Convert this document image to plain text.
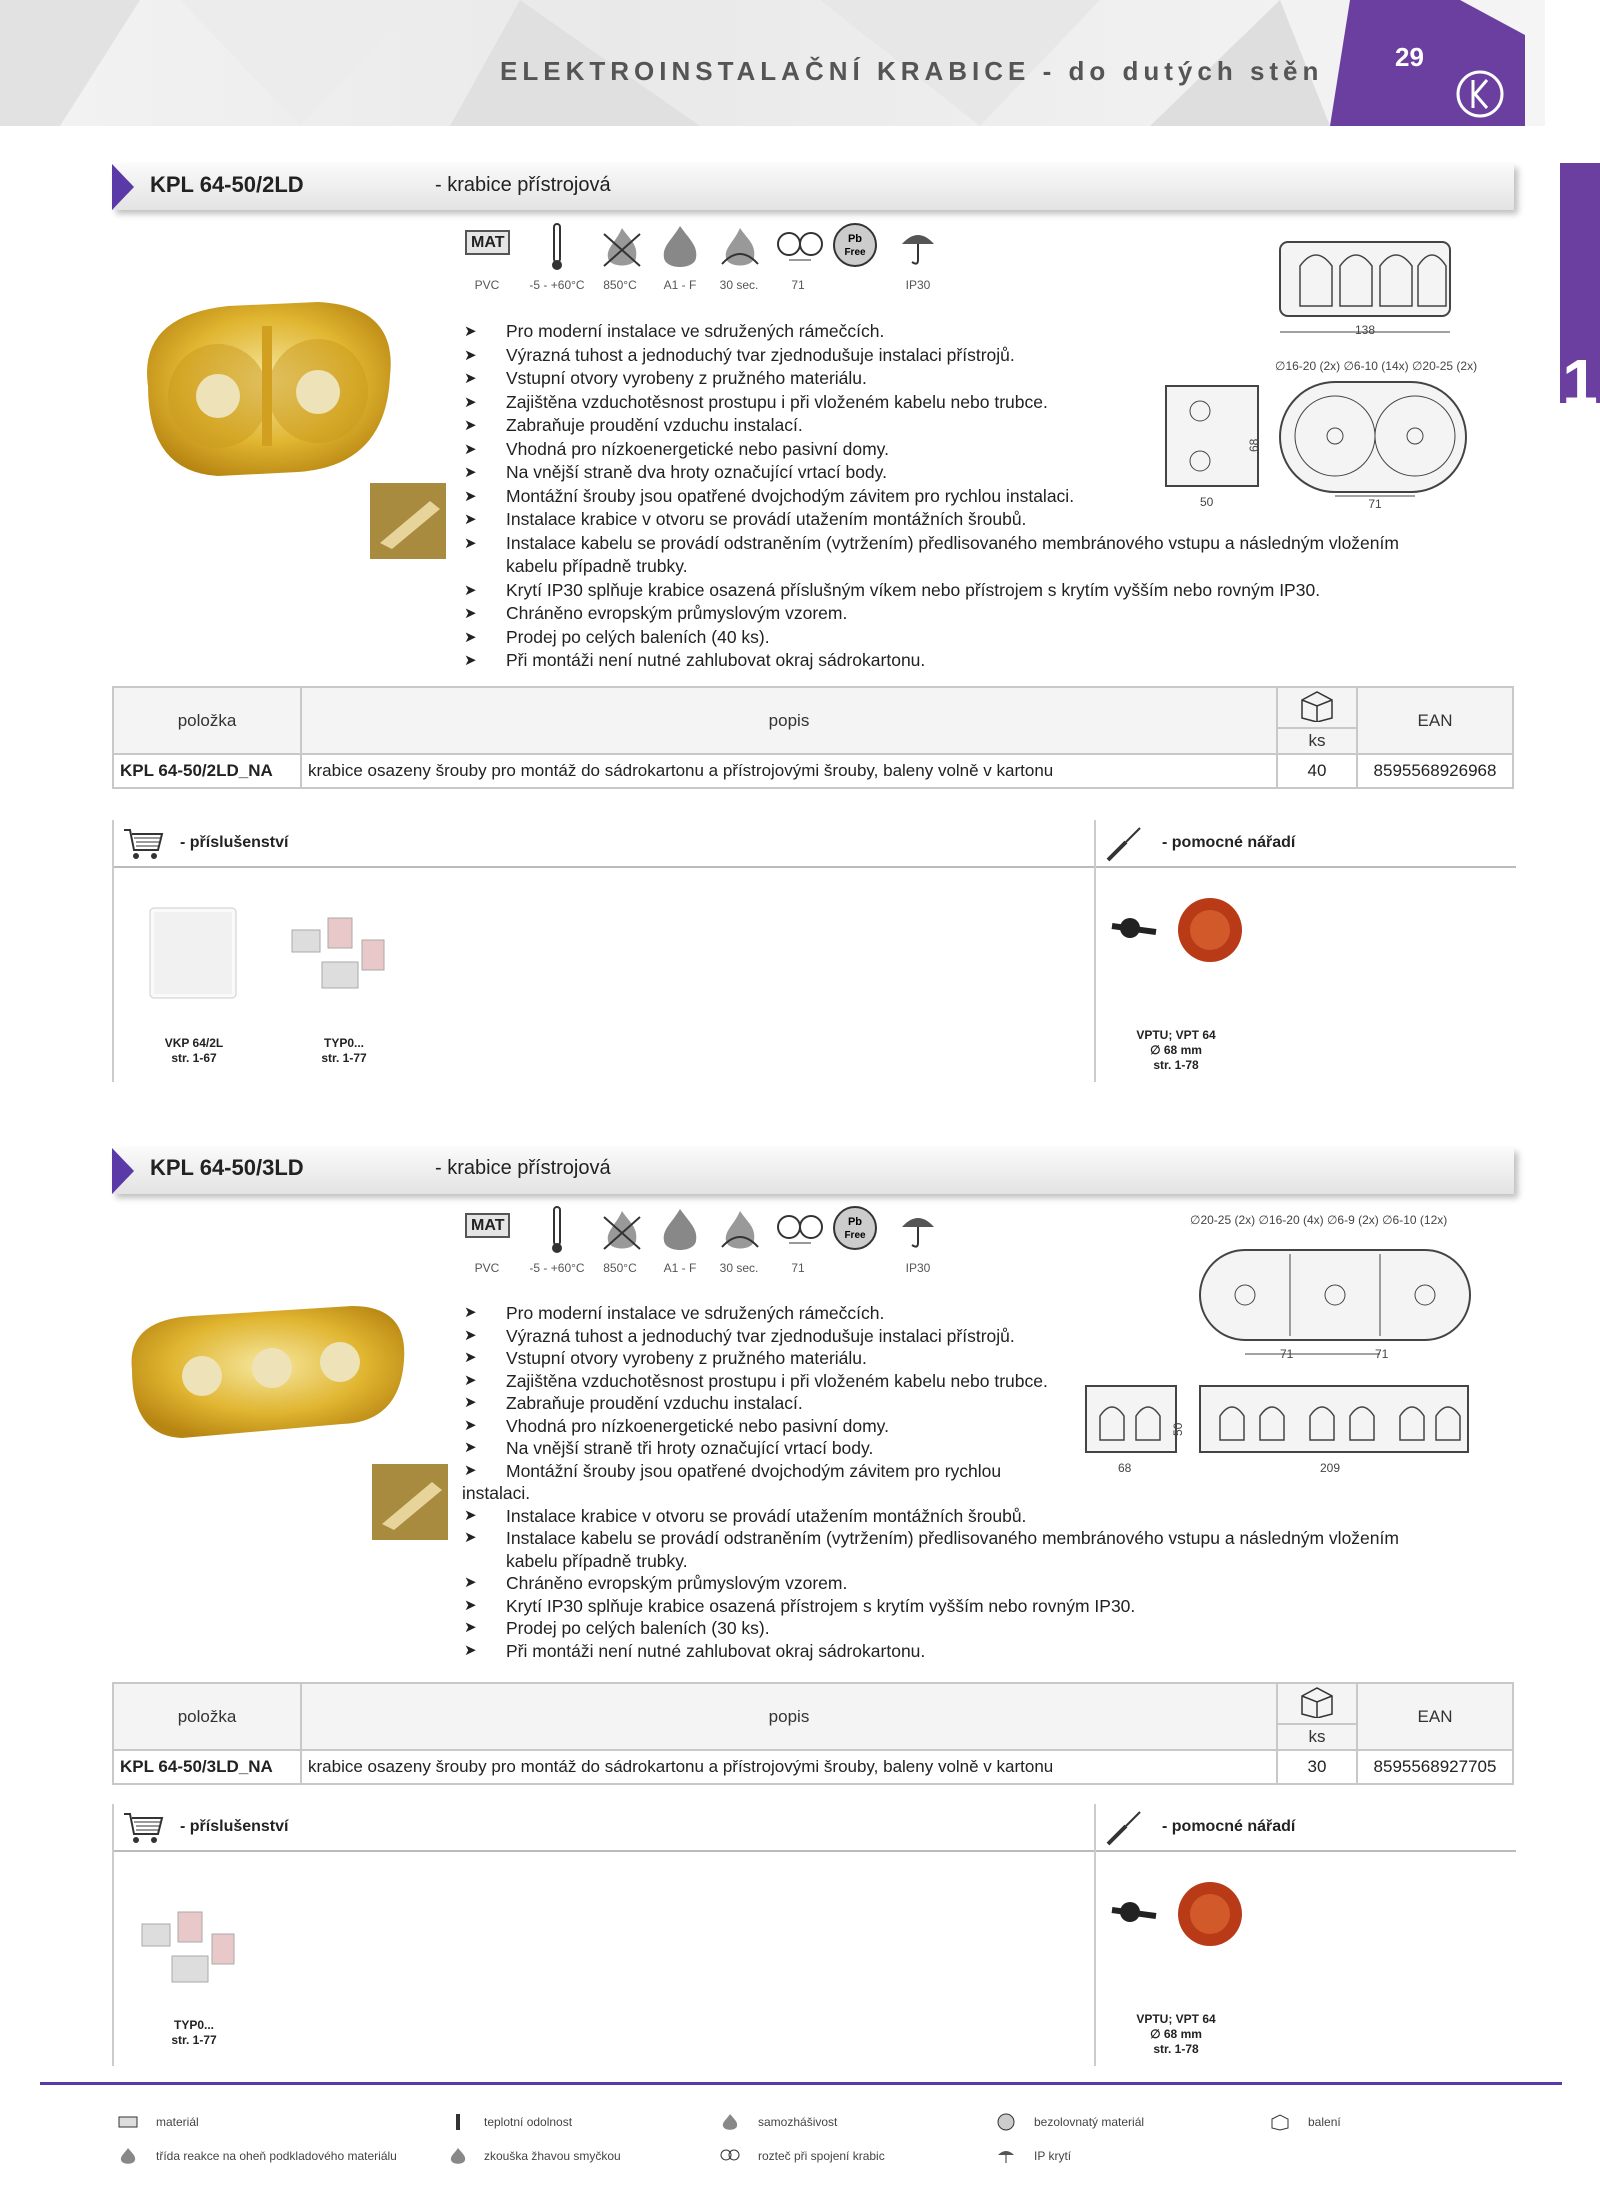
ELEKTROINSTALAČNÍ KRABICE - do dutých stěn	29
1
KPL 64-50/2LD	- krabice přístrojová
MAT	Pb
Free
PVC	-5 - +60°C	850°C	A1 - F	30 sec.	71	IP30
➤ Pro moderní instalace ve sdružených rámečcích.
➤ Výrazná tuhost a jednoduchý tvar zjednodušuje instalaci přístrojů.
➤ Vstupní otvory vyrobeny z pružného materiálu.
➤ Zajištěna vzduchotěsnost prostupu i při vloženém kabelu nebo trubce.
➤ Zabraňuje proudění vzduchu instalací.
➤ Vhodná pro nízkoenergetické nebo pasivní domy.
➤ Na vnější straně dva hroty označující vrtací body.
➤ Montážní šrouby jsou opatřené dvojchodým závitem pro rychlou instalaci.
➤ Instalace krabice v otvoru se provádí utažením montážních šroubů.
➤ Instalace kabelu se provádí odstraněním (vytržením) předlisovaného membránového vstupu a následným vložením
kabelu případně trubky.
➤ Krytí IP30 splňuje krabice osazená příslušným víkem nebo přístrojem s krytím vyšším nebo rovným IP30.
➤ Chráněno evropským průmyslovým vzorem.
➤ Prodej po celých baleních (40 ks).
➤ Při montáži není nutné zahlubovat okraj sádrokartonu.
138
∅16-20 (2x) ∅6-10 (14x) ∅20-25 (2x)
68
50	71
položka	popis		EAN
		ks	
KPL 64-50/2LD_NA	krabice osazeny šrouby pro montáž do sádrokartonu a přístrojovými šrouby, baleny volně v kartonu	40	8595568926968
- příslušenství
VKP 64/2L
str. 1-67
TYP0...
str. 1-77
- pomocné nářadí
VPTU; VPT 64
∅ 68 mm
str. 1-78
KPL 64-50/3LD	- krabice přístrojová
MAT	Pb
Free
PVC	-5 - +60°C	850°C	A1 - F	30 sec.	71	IP30
➤ Pro moderní instalace ve sdružených rámečcích.
➤ Výrazná tuhost a jednoduchý tvar zjednodušuje instalaci přístrojů.
➤ Vstupní otvory vyrobeny z pružného materiálu.
➤ Zajištěna vzduchotěsnost prostupu i při vloženém kabelu nebo trubce.
➤ Zabraňuje proudění vzduchu instalací.
➤ Vhodná pro nízkoenergetické nebo pasivní domy.
➤ Na vnější straně tři hroty označující vrtací body.
➤ Montážní šrouby jsou opatřené dvojchodým závitem pro rychlou
instalaci.
➤ Instalace krabice v otvoru se provádí utažením montážních šroubů.
➤ Instalace kabelu se provádí odstraněním (vytržením) předlisovaného membránového vstupu a následným vložením
kabelu případně trubky.
➤ Chráněno evropským průmyslovým vzorem.
➤ Krytí IP30 splňuje krabice osazená přístrojem s krytím vyšším nebo rovným IP30.
➤ Prodej po celých baleních (30 ks).
➤ Při montáži není nutné zahlubovat okraj sádrokartonu.
∅20-25 (2x) ∅16-20 (4x) ∅6-9 (2x) ∅6-10 (12x)
71	71
50
68	209
položka	popis		EAN
		ks	
KPL 64-50/3LD_NA	krabice osazeny šrouby pro montáž do sádrokartonu a přístrojovými šrouby, baleny volně v kartonu	30	8595568927705
- příslušenství
TYP0...
str. 1-77
- pomocné nářadí
VPTU; VPT 64
∅ 68 mm
str. 1-78
materiál	teplotní odolnost	samozhášivost	bezolovnatý materiál	balení
třída reakce na oheň podkladového materiálu	zkouška žhavou smyčkou	rozteč při spojení krabic	IP krytí
